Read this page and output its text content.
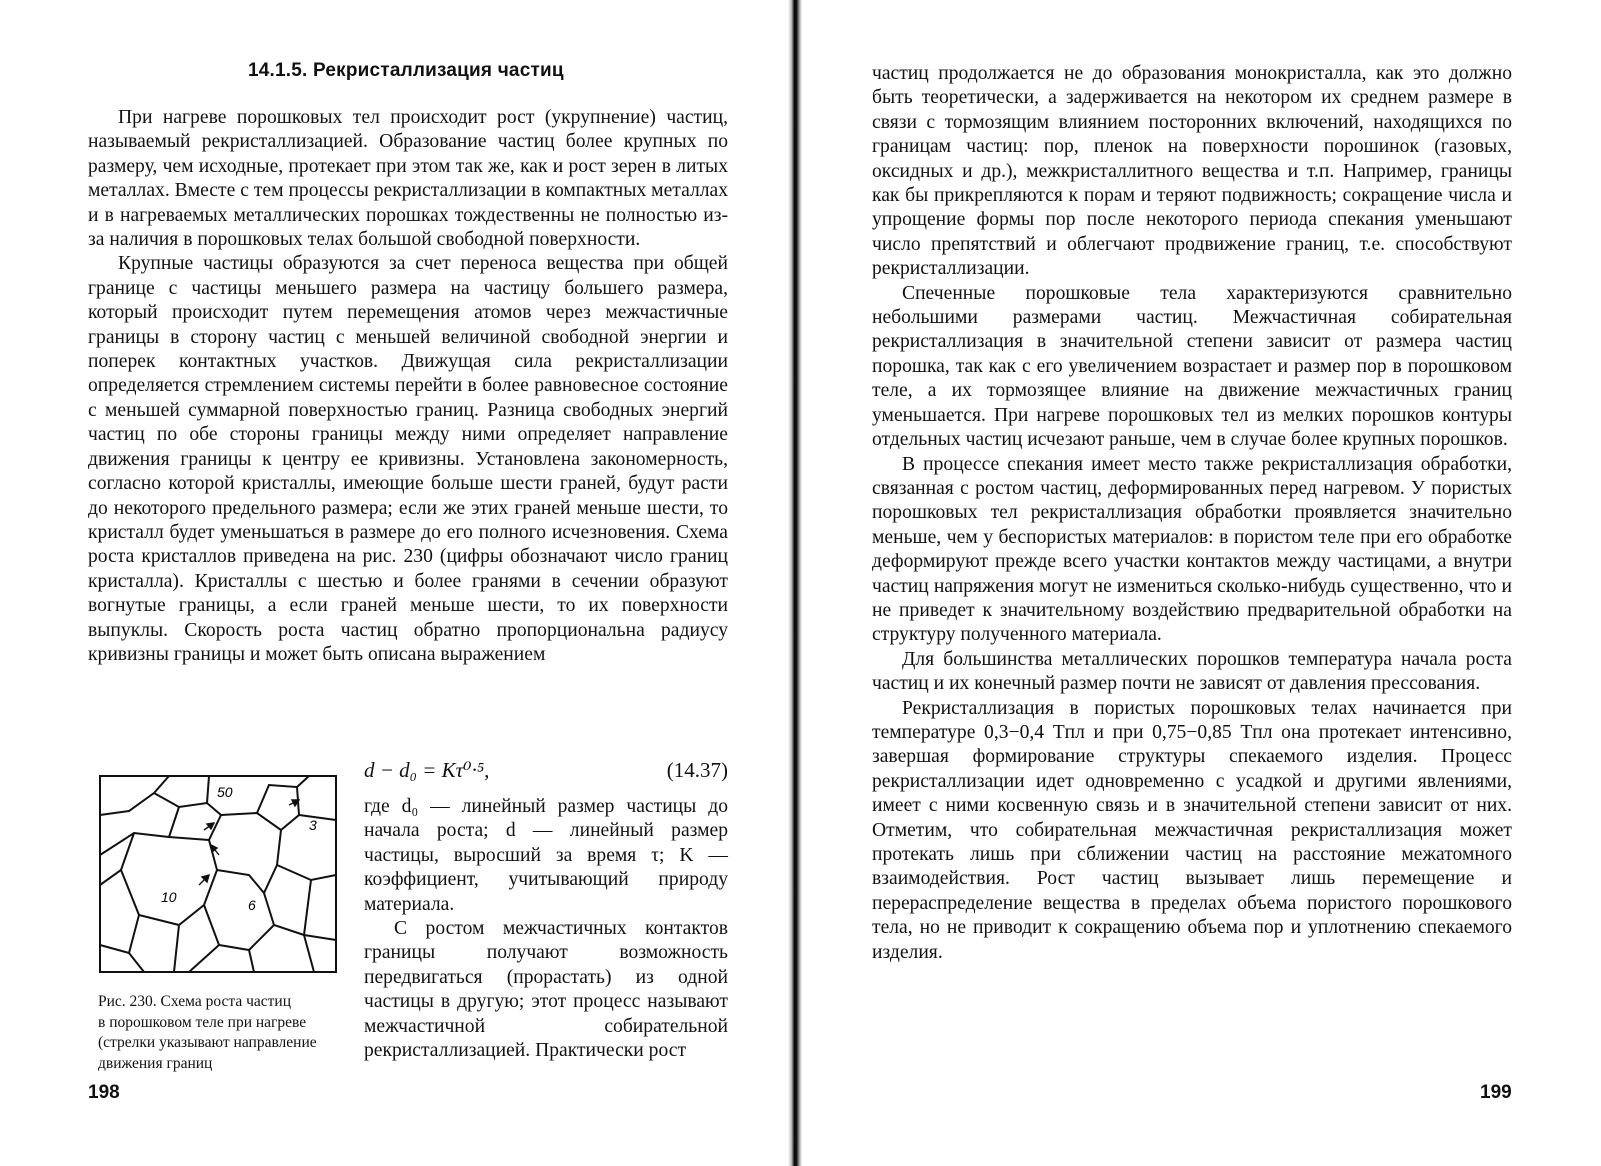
14.1.5. Рекристаллизация частиц

При нагреве порошковых тел происходит рост (укрупнение) частиц, называемый рекристаллизацией. Образование частиц более крупных по размеру, чем исходные, протекает при этом так же, как и рост зерен в литых металлах. Вместе с тем процессы рекристаллизации в компактных металлах и в нагреваемых металлических порошках тождественны не полностью из-за наличия в порошковых телах большой свободной поверхности.

Крупные частицы образуются за счет переноса вещества при общей границе с частицы меньшего размера на частицу большего размера, который происходит путем перемещения атомов через межчастичные границы в сторону частиц с меньшей величиной свободной энергии и поперек контактных участков. Движущая сила рекристаллизации определяется стремлением системы перейти в более равновесное состояние с меньшей суммарной поверхностью границ. Разница свободных энергий частиц по обе стороны границы между ними определяет направление движения границы к центру ее кривизны. Установлена закономерность, согласно которой кристаллы, имеющие больше шести граней, будут расти до некоторого предельного размера; если же этих граней меньше шести, то кристалл будет уменьшаться в размере до его полного исчезновения. Схема роста кристаллов приведена на рис. 230 (цифры обозначают число границ кристалла). Кристаллы с шестью и более гранями в сечении образуют вогнутые границы, а если граней меньше шести, то их поверхности выпуклы. Скорость роста частиц обратно пропорциональна радиусу кривизны границы и может быть описана выражением

50
3
10	6
d − d₀ = Kτ⁰·⁵,	(14.37)

где d₀ — линейный размер частицы до начала роста; d — линейный размер частицы, выросший за время τ; K — коэффициент, учитывающий природу материала.

С ростом межчастичных контактов границы получают возможность передвигаться (прорастать) из одной частицы в другую; этот процесс называют межчастичной собирательной рекристаллизацией. Практически рост

Рис. 230. Схема роста частиц
в порошковом теле при нагреве
(стрелки указывают направление
движения границ
198

частиц продолжается не до образования монокристалла, как это должно быть теоретически, а задерживается на некотором их среднем размере в связи с тормозящим влиянием посторонних включений, находящихся по границам частиц: пор, пленок на поверхности порошинок (газовых, оксидных и др.), межкристаллитного вещества и т.п. Например, границы как бы прикрепляются к порам и теряют подвижность; сокращение числа и упрощение формы пор после некоторого периода спекания уменьшают число препятствий и облегчают продвижение границ, т.е. способствуют рекристаллизации.

Спеченные порошковые тела характеризуются сравнительно небольшими размерами частиц. Межчастичная собирательная рекристаллизация в значительной степени зависит от размера частиц порошка, так как с его увеличением возрастает и размер пор в порошковом теле, а их тормозящее влияние на движение межчастичных границ уменьшается. При нагреве порошковых тел из мелких порошков контуры отдельных частиц исчезают раньше, чем в случае более крупных порошков.

В процессе спекания имеет место также рекристаллизация обработки, связанная с ростом частиц, деформированных перед нагревом. У пористых порошковых тел рекристаллизация обработки проявляется значительно меньше, чем у беспористых материалов: в пористом теле при его обработке деформируют прежде всего участки контактов между частицами, а внутри частиц напряжения могут не измениться сколько-нибудь существенно, что и не приведет к значительному воздействию предварительной обработки на структуру полученного материала.

Для большинства металлических порошков температура начала роста частиц и их конечный размер почти не зависят от давления прессования.

Рекристаллизация в пористых порошковых телах начинается при температуре 0,3−0,4 Tпл и при 0,75−0,85 Tпл она протекает интенсивно, завершая формирование структуры спекаемого изделия. Процесс рекристаллизации идет одновременно с усадкой и другими явлениями, имеет с ними косвенную связь и в значительной степени зависит от них. Отметим, что собирательная межчастичная рекристаллизация может протекать лишь при сближении частиц на расстояние межатомного взаимодействия. Рост частиц вызывает лишь перемещение и перераспределение вещества в пределах объема пористого порошкового тела, но не приводит к сокращению объема пор и уплотнению спекаемого изделия.

199
